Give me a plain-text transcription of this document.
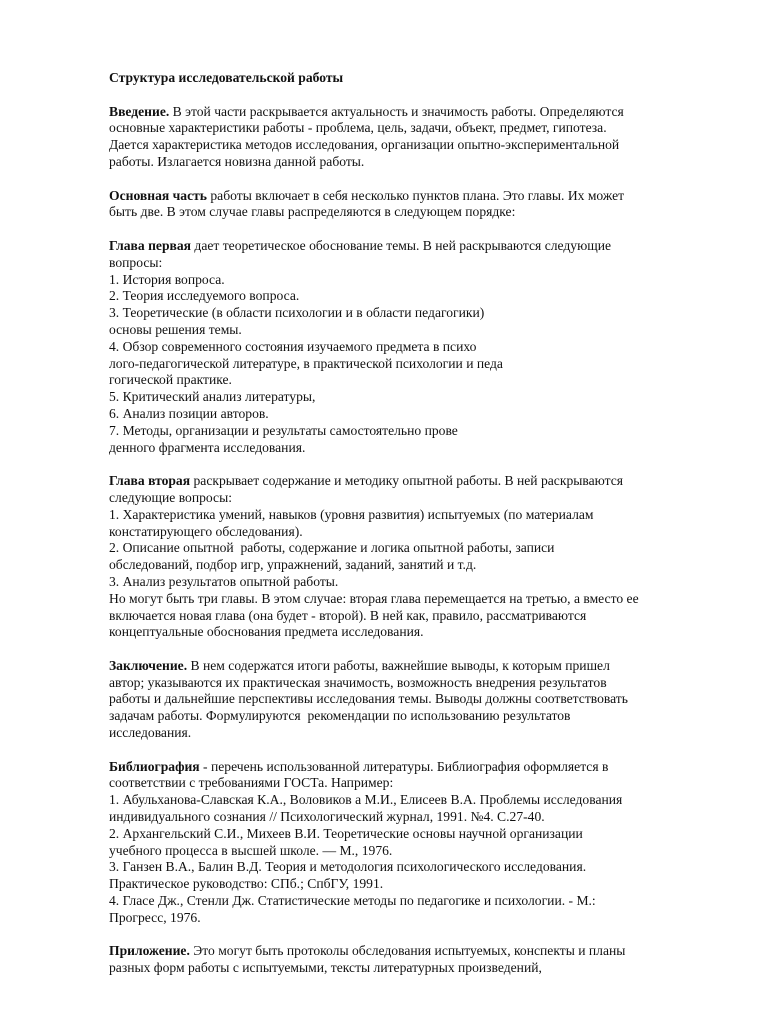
Структура исследовательской работы
Введение. В этой части раскрывается актуальность и значимость работы. Определяются
основные характеристики работы - проблема, цель, задачи, объект, предмет, гипотеза.
Дается характеристика методов исследования, организации опытно-экспериментальной
работы. Излагается новизна данной работы.
Основная часть работы включает в себя несколько пунктов плана. Это главы. Их может
быть две. В этом случае главы распределяются в следующем порядке:
Глава первая дает теоретическое обоснование темы. В ней раскрываются следующие
вопросы:
1. История вопроса.
2. Теория исследуемого вопроса.
3. Теоретические (в области психологии и в области педагогики)
основы решения темы.
4. Обзор современного состояния изучаемого предмета в психо
лого-педагогической литературе, в практической психологии и педа
гогической практике.
5. Критический анализ литературы,
6. Анализ позиции авторов.
7. Методы, организации и результаты самостоятельно прове
денного фрагмента исследования.
Глава вторая раскрывает содержание и методику опытной работы. В ней раскрываются
следующие вопросы:
1. Характеристика умений, навыков (уровня развития) испытуемых (по материалам
констатирующего обследования).
2. Описание опытной  работы, содержание и логика опытной работы, записи
обследований, подбор игр, упражнений, заданий, занятий и т.д.
3. Анализ результатов опытной работы.
Но могут быть три главы. В этом случае: вторая глава перемещается на третью, а вместо ее
включается новая глава (она будет - второй). В ней как, правило, рассматриваются
концептуальные обоснования предмета исследования.
Заключение. В нем содержатся итоги работы, важнейшие выводы, к которым пришел
автор; указываются их практическая значимость, возможность внедрения результатов
работы и дальнейшие перспективы исследования темы. Выводы должны соответствовать
задачам работы. Формулируются  рекомендации по использованию результатов
исследования.
Библиография - перечень использованной литературы. Библиография оформляется в
соответствии с требованиями ГОСТа. Например:
1. Абульханова-Славская К.А., Воловиков а М.И., Елисеев В.А. Проблемы исследования
индивидуального сознания // Психологический журнал, 1991. №4. С.27-40.
2. Архангельский С.И., Михеев В.И. Теоретические основы научной организации
учебного процесса в высшей школе. — М., 1976.
3. Ганзен В.А., Балин В.Д. Теория и методология психологического исследования.
Практическое руководство: СПб.; СпбГУ, 1991.
4. Гласе Дж., Стенли Дж. Статистические методы по педагогике и психологии. - М.:
Прогресс, 1976.
Приложение. Это могут быть протоколы обследования испытуемых, конспекты и планы
разных форм работы с испытуемыми, тексты литературных произведений,
